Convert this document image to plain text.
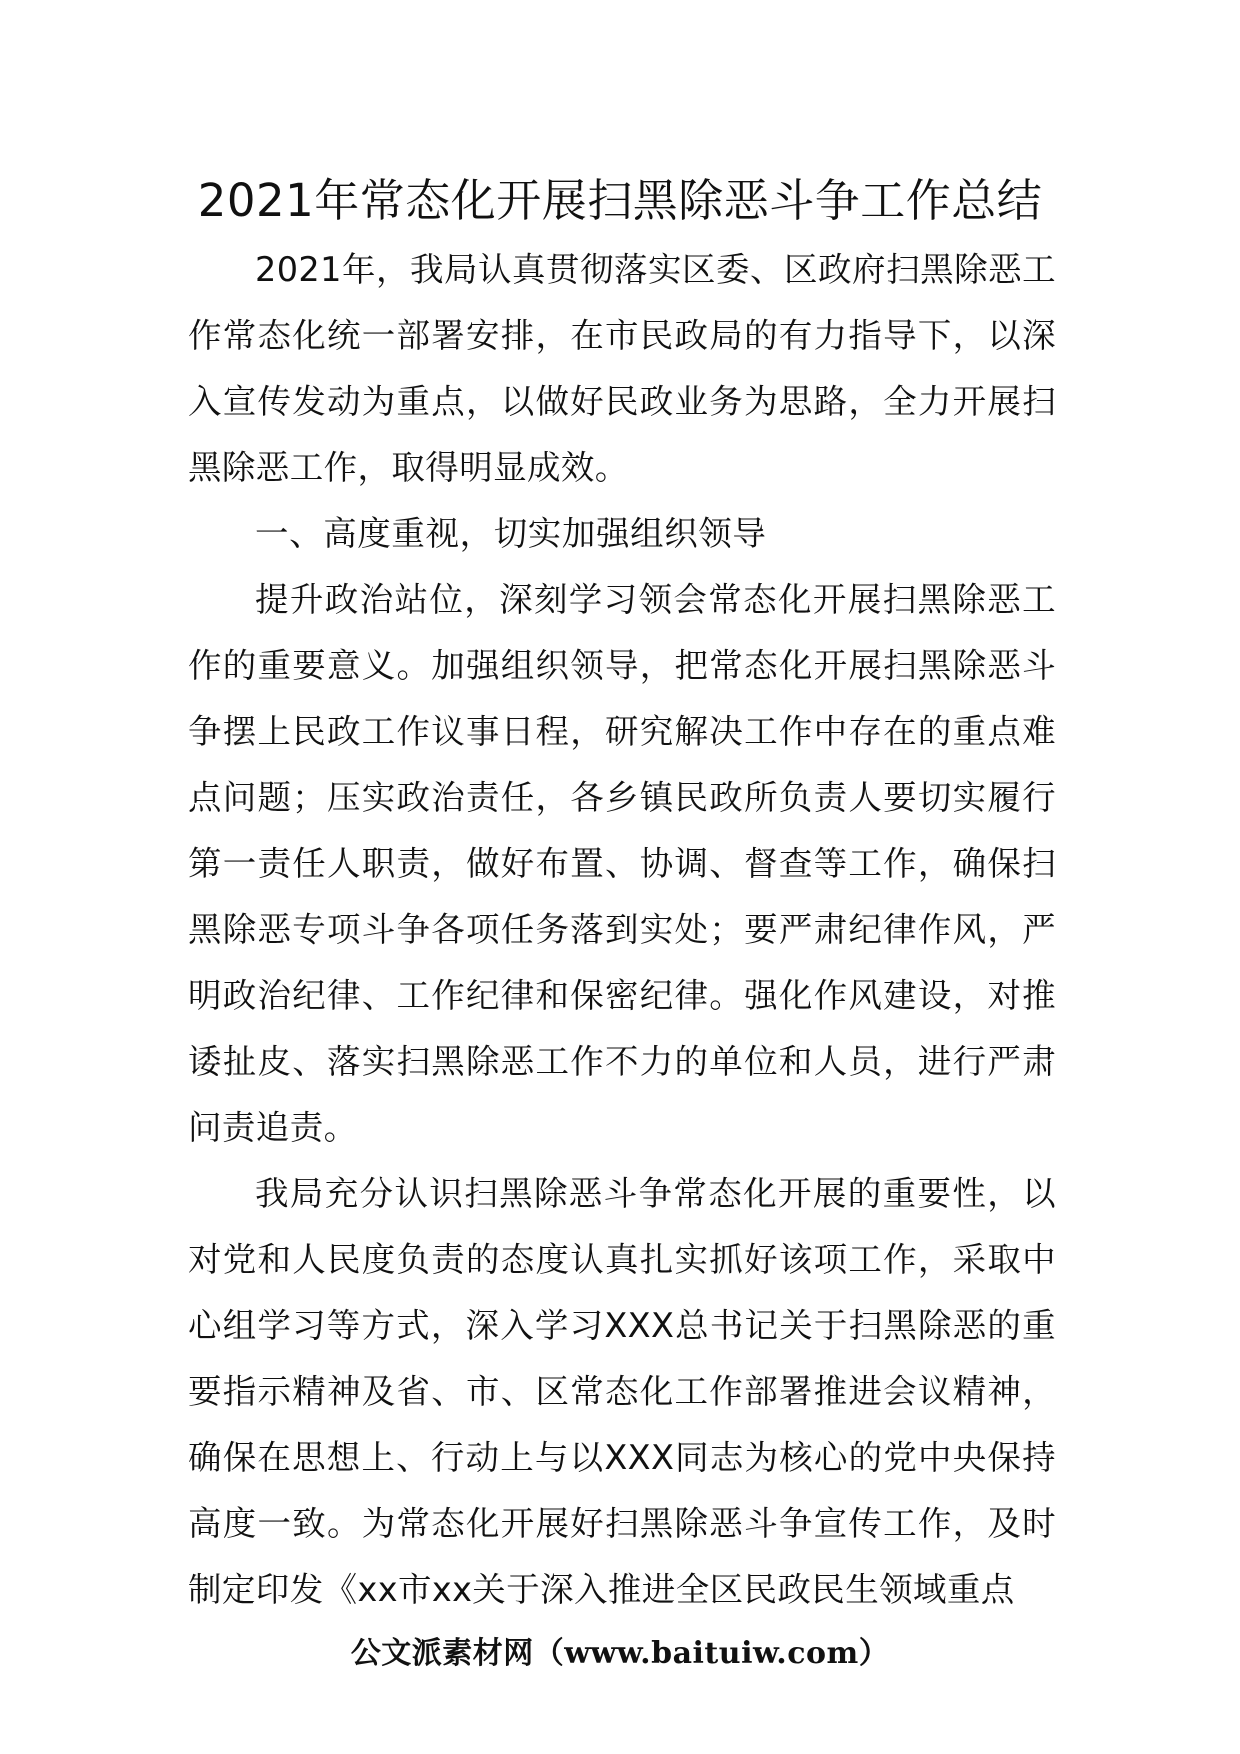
2021年常态化开展扫黑除恶斗争工作总结

2021年，我局认真贯彻落实区委、区政府扫黑除恶工作常态化统一部署安排，在市民政局的有力指导下，以深入宣传发动为重点，以做好民政业务为思路，全力开展扫黑除恶工作，取得明显成效。

一、高度重视，切实加强组织领导

提升政治站位，深刻学习领会常态化开展扫黑除恶工作的重要意义。加强组织领导，把常态化开展扫黑除恶斗争摆上民政工作议事日程，研究解决工作中存在的重点难点问题；压实政治责任，各乡镇民政所负责人要切实履行第一责任人职责，做好布置、协调、督查等工作，确保扫黑除恶专项斗争各项任务落到实处；要严肃纪律作风，严明政治纪律、工作纪律和保密纪律。强化作风建设，对推诿扯皮、落实扫黑除恶工作不力的单位和人员，进行严肃问责追责。

我局充分认识扫黑除恶斗争常态化开展的重要性，以对党和人民度负责的态度认真扎实抓好该项工作，采取中心组学习等方式，深入学习XXX总书记关于扫黑除恶的重要指示精神及省、市、区常态化工作部署推进会议精神，确保在思想上、行动上与以XXX同志为核心的党中央保持高度一致。为常态化开展好扫黑除恶斗争宣传工作，及时制定印发《xx市xx关于深入推进全区民政民生领域重点

公文派素材网（www.baituiw.com）
